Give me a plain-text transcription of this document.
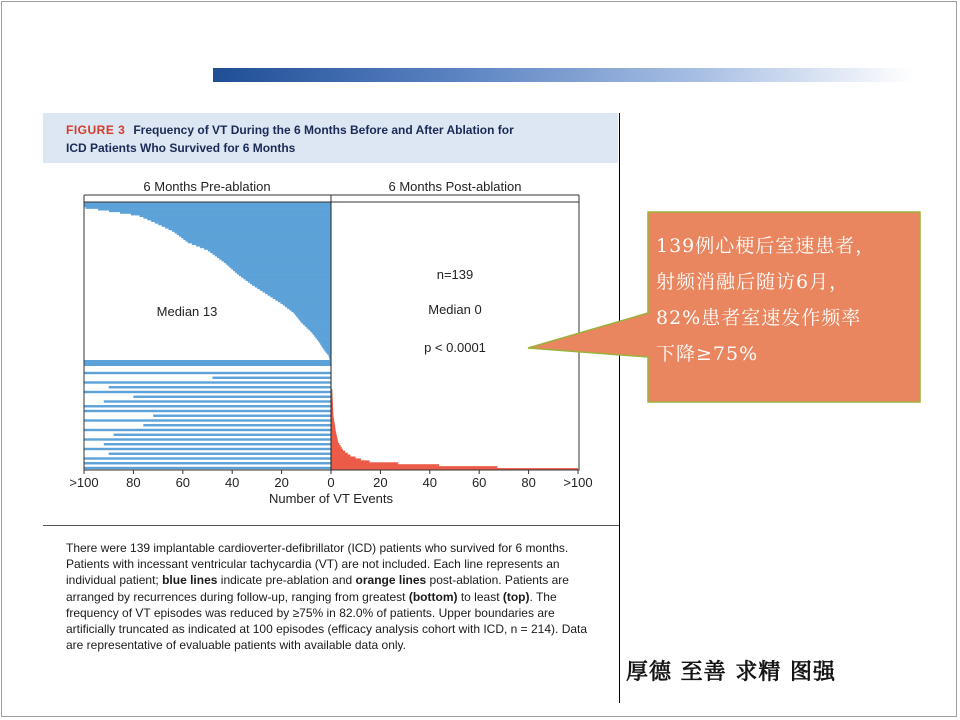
FIGURE 3 Frequency of VT During the 6 Months Before and After Ablation for
ICD Patients Who Survived for 6 Months
6 Months Pre-ablation	6 Months Post-ablation
>100 80	60	40	20	0	20	40	60	80 >100
Number of VT Events
Median 13
n=139
Median 0
p < 0.0001
There were 139 implantable cardioverter-defibrillator (ICD) patients who survived for 6 months. Patients with incessant ventricular tachycardia (VT) are not included. Each line represents an individual patient; blue lines indicate pre-ablation and orange lines post-ablation. Patients are arranged by recurrences during follow-up, ranging from greatest (bottom) to least (top). The frequency of VT episodes was reduced by ≥75% in 82.0% of patients. Upper boundaries are artificially truncated as indicated at 100 episodes (efficacy analysis cohort with ICD, n = 214). Data are representative of evaluable patients with available data only.
139例心梗后室速患者，
射频消融后随访6月，
82%患者室速发作频率
下降≥75%
厚德 至善 求精 图强
